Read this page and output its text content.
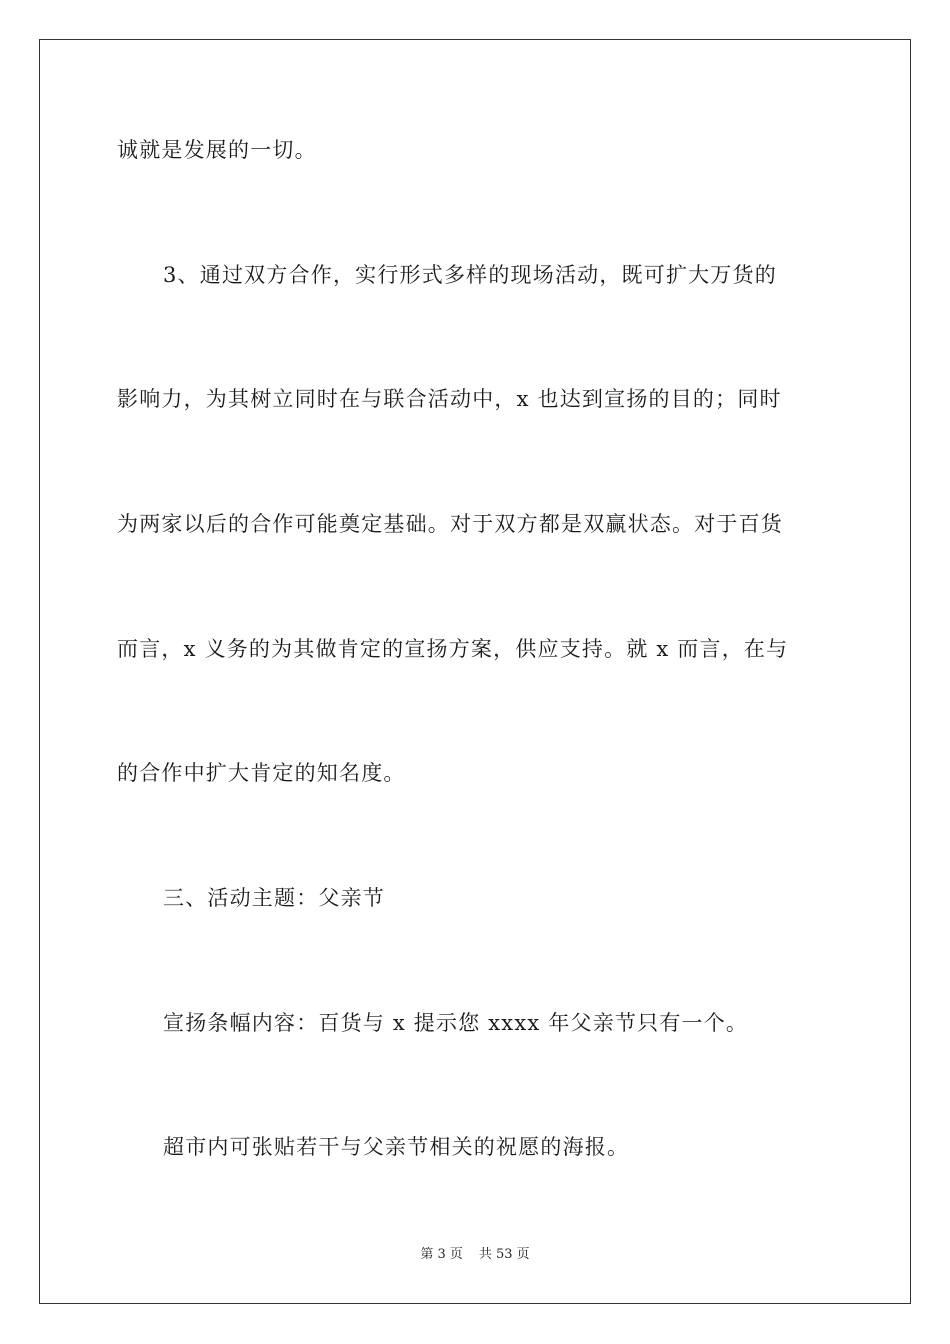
诚就是发展的一切。
3、通过双方合作，实行形式多样的现场活动，既可扩大万货的
影响力，为其树立同时在与联合活动中，x 也达到宣扬的目的；同时
为两家以后的合作可能奠定基础。对于双方都是双赢状态。对于百货
而言，x 义务的为其做肯定的宣扬方案，供应支持。就 x 而言，在与
的合作中扩大肯定的知名度。
三、活动主题：父亲节
宣扬条幅内容：百货与 x 提示您 xxxx 年父亲节只有一个。
超市内可张贴若干与父亲节相关的祝愿的海报。
第 3 页 共 53 页
